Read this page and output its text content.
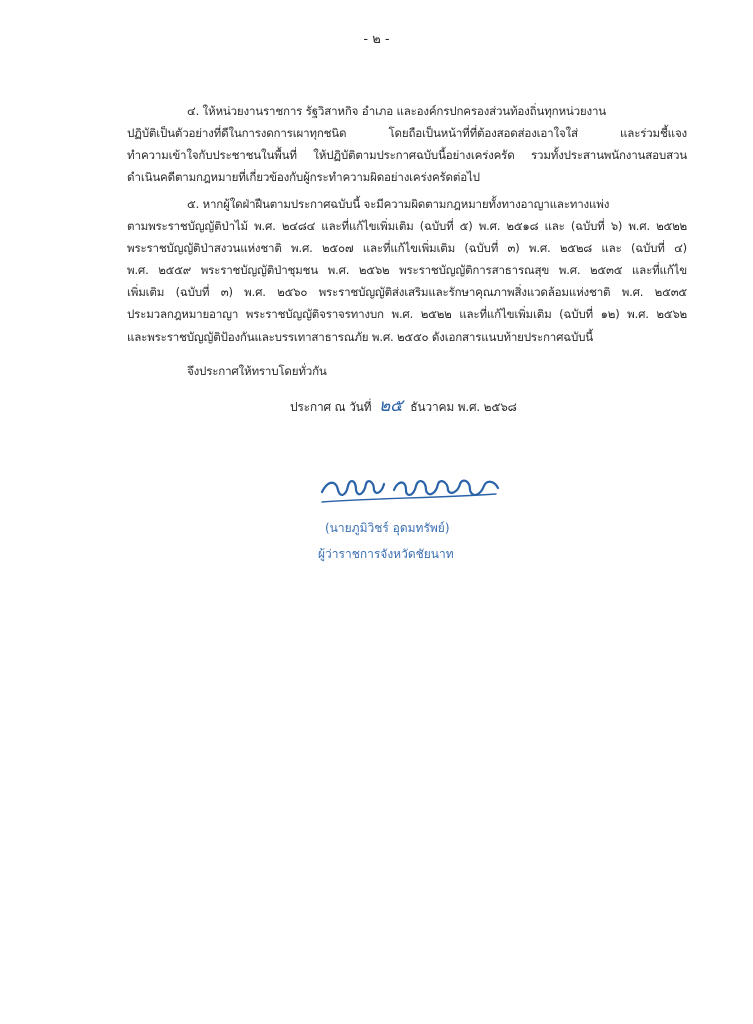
- ๒ -
๔. ให้หน่วยงานราชการ รัฐวิสาหกิจ อำเภอ และองค์กรปกครองส่วนท้องถิ่นทุกหน่วยงาน
ปฏิบัติเป็นตัวอย่างที่ดีในการงดการเผาทุกชนิด โดยถือเป็นหน้าที่ที่ต้องสอดส่องเอาใจใส่ และร่วมชี้แจง
ทำความเข้าใจกับประชาชนในพื้นที่ ให้ปฏิบัติตามประกาศฉบับนี้อย่างเคร่งครัด รวมทั้งประสานพนักงานสอบสวน
ดำเนินคดีตามกฎหมายที่เกี่ยวข้องกับผู้กระทำความผิดอย่างเคร่งครัดต่อไป
๕. หากผู้ใดฝ่าฝืนตามประกาศฉบับนี้ จะมีความผิดตามกฎหมายทั้งทางอาญาและทางแพ่ง
ตามพระราชบัญญัติป่าไม้ พ.ศ. ๒๔๘๔ และที่แก้ไขเพิ่มเติม (ฉบับที่ ๕) พ.ศ. ๒๕๑๘ และ (ฉบับที่ ๖) พ.ศ. ๒๕๒๒
พระราชบัญญัติป่าสงวนแห่งชาติ พ.ศ. ๒๕๐๗ และที่แก้ไขเพิ่มเติม (ฉบับที่ ๓) พ.ศ. ๒๕๒๘ และ (ฉบับที่ ๔)
พ.ศ. ๒๕๕๙ พระราชบัญญัติป่าชุมชน พ.ศ. ๒๕๖๒ พระราชบัญญัติการสาธารณสุข พ.ศ. ๒๕๓๕ และที่แก้ไข
เพิ่มเติม (ฉบับที่ ๓) พ.ศ. ๒๕๖๐ พระราชบัญญัติส่งเสริมและรักษาคุณภาพสิ่งแวดล้อมแห่งชาติ พ.ศ. ๒๕๓๕
ประมวลกฎหมายอาญา พระราชบัญญัติจราจรทางบก พ.ศ. ๒๕๒๒ และที่แก้ไขเพิ่มเติม (ฉบับที่ ๑๒) พ.ศ. ๒๕๖๒
และพระราชบัญญัติป้องกันและบรรเทาสาธารณภัย พ.ศ. ๒๕๕๐ ดังเอกสารแนบท้ายประกาศฉบับนี้
จึงประกาศให้ทราบโดยทั่วกัน
ประกาศ ณ วันที่ ๒๕ ธันวาคม พ.ศ. ๒๕๖๘
(นายภูมิวิชร์ อุดมทรัพย์)
ผู้ว่าราชการจังหวัดชัยนาท
